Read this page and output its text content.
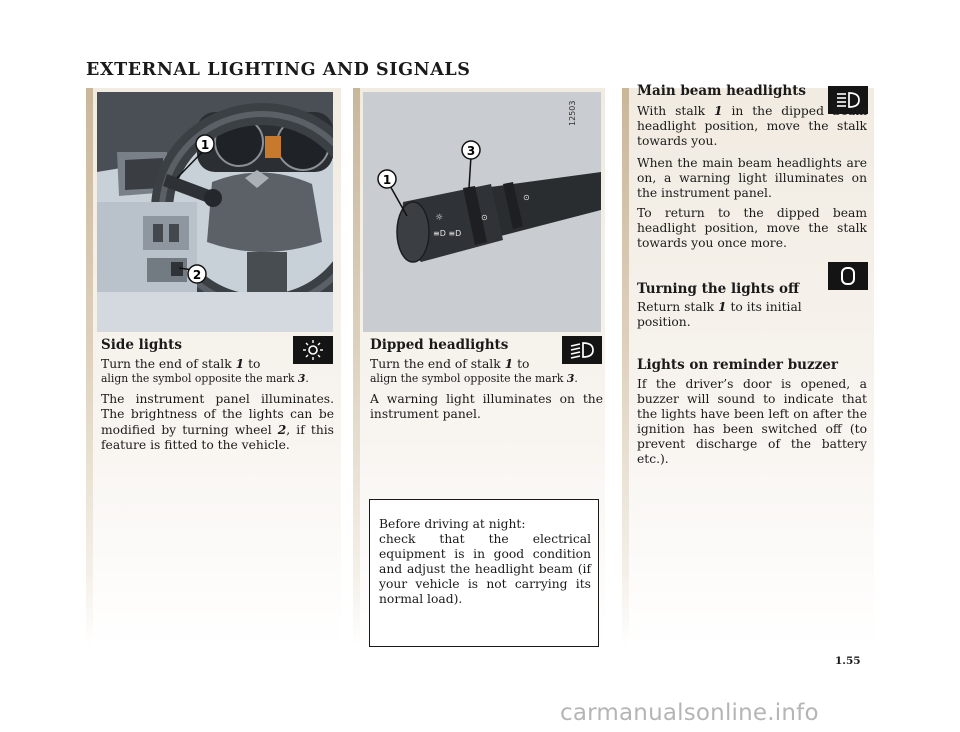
EXTERNAL LIGHTING AND SIGNALS
1
2
☼
≡D ≡D
⊙
⊙
12503
1
3
Side lights

Turn the end of stalk 1 to

align the symbol opposite the mark 3.

The instrument panel illuminates. The brightness of the lights can be modified by turning wheel 2, if this feature is fitted to the vehicle.

Dipped headlights

Turn the end of stalk 1 to

align the symbol opposite the mark 3.

A warning light illuminates on the instrument panel.

Before driving at night:
check that the electrical equipment is in good condition and adjust the headlight beam (if your vehicle is not carrying its normal load).

Main beam headlights

With stalk 1 in the dipped beam headlight position, move the stalk towards you.

When the main beam headlights are on, a warning light illuminates on the instrument panel.

To return to the dipped beam headlight position, move the stalk towards you once more.

Turning the lights off

Return stalk 1 to its initial position.

Lights on reminder buzzer

If the driver’s door is opened, a buzzer will sound to indicate that the lights have been left on after the ignition has been switched off (to prevent discharge of the battery etc.).

1.55
carmanualsonline.info
